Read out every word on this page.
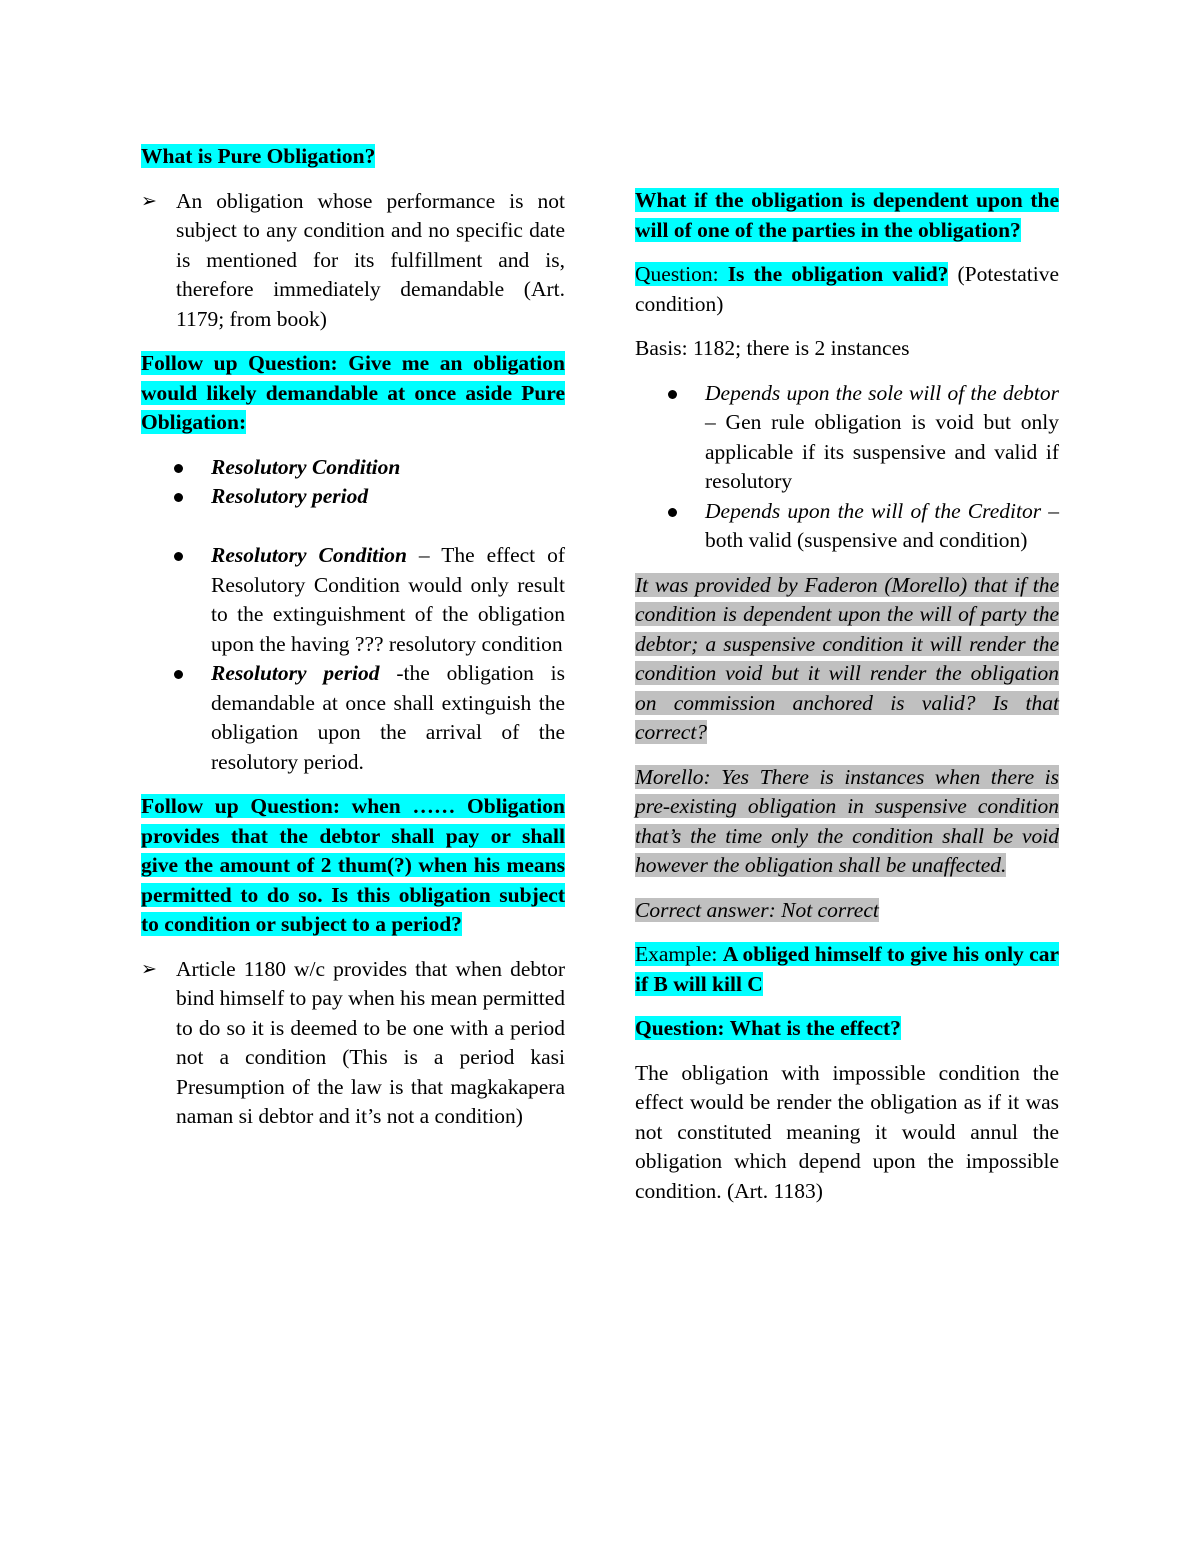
What is Pure Obligation?

➢ An obligation whose performance is not subject to any condition and no specific date is mentioned for its fulfillment and is, therefore immediately demandable (Art. 1179; from book)

Follow up Question: Give me an obligation would likely demandable at once aside Pure Obligation:

Resolutory Condition
Resolutory period
Resolutory Condition – The effect of Resolutory Condition would only result to the extinguishment of the obligation upon the having ??? resolutory condition
Resolutory period -the obligation is demandable at once shall extinguish the obligation upon the arrival of the resolutory period.

Follow up Question: when …… Obligation provides that the debtor shall pay or shall give the amount of 2 thum(?) when his means permitted to do so. Is this obligation subject to condition or subject to a period?

➢ Article 1180 w/c provides that when debtor bind himself to pay when his mean permitted to do so it is deemed to be one with a period not a condition (This is a period kasi Presumption of the law is that magkakapera naman si debtor and it’s not a condition)

What if the obligation is dependent upon the will of one of the parties in the obligation?

Question: Is the obligation valid? (Potestative condition)

Basis: 1182; there is 2 instances

Depends upon the sole will of the debtor – Gen rule obligation is void but only applicable if its suspensive and valid if resolutory
Depends upon the will of the Creditor – both valid (suspensive and condition)

It was provided by Faderon (Morello) that if the condition is dependent upon the will of party the debtor; a suspensive condition it will render the condition void but it will render the obligation on commission anchored is valid? Is that correct?

Morello: Yes There is instances when there is pre-existing obligation in suspensive condition that’s the time only the condition shall be void however the obligation shall be unaffected.

Correct answer: Not correct

Example: A obliged himself to give his only car if B will kill C

Question: What is the effect?

The obligation with impossible condition the effect would be render the obligation as if it was not constituted meaning it would annul the obligation which depend upon the impossible condition. (Art. 1183)
